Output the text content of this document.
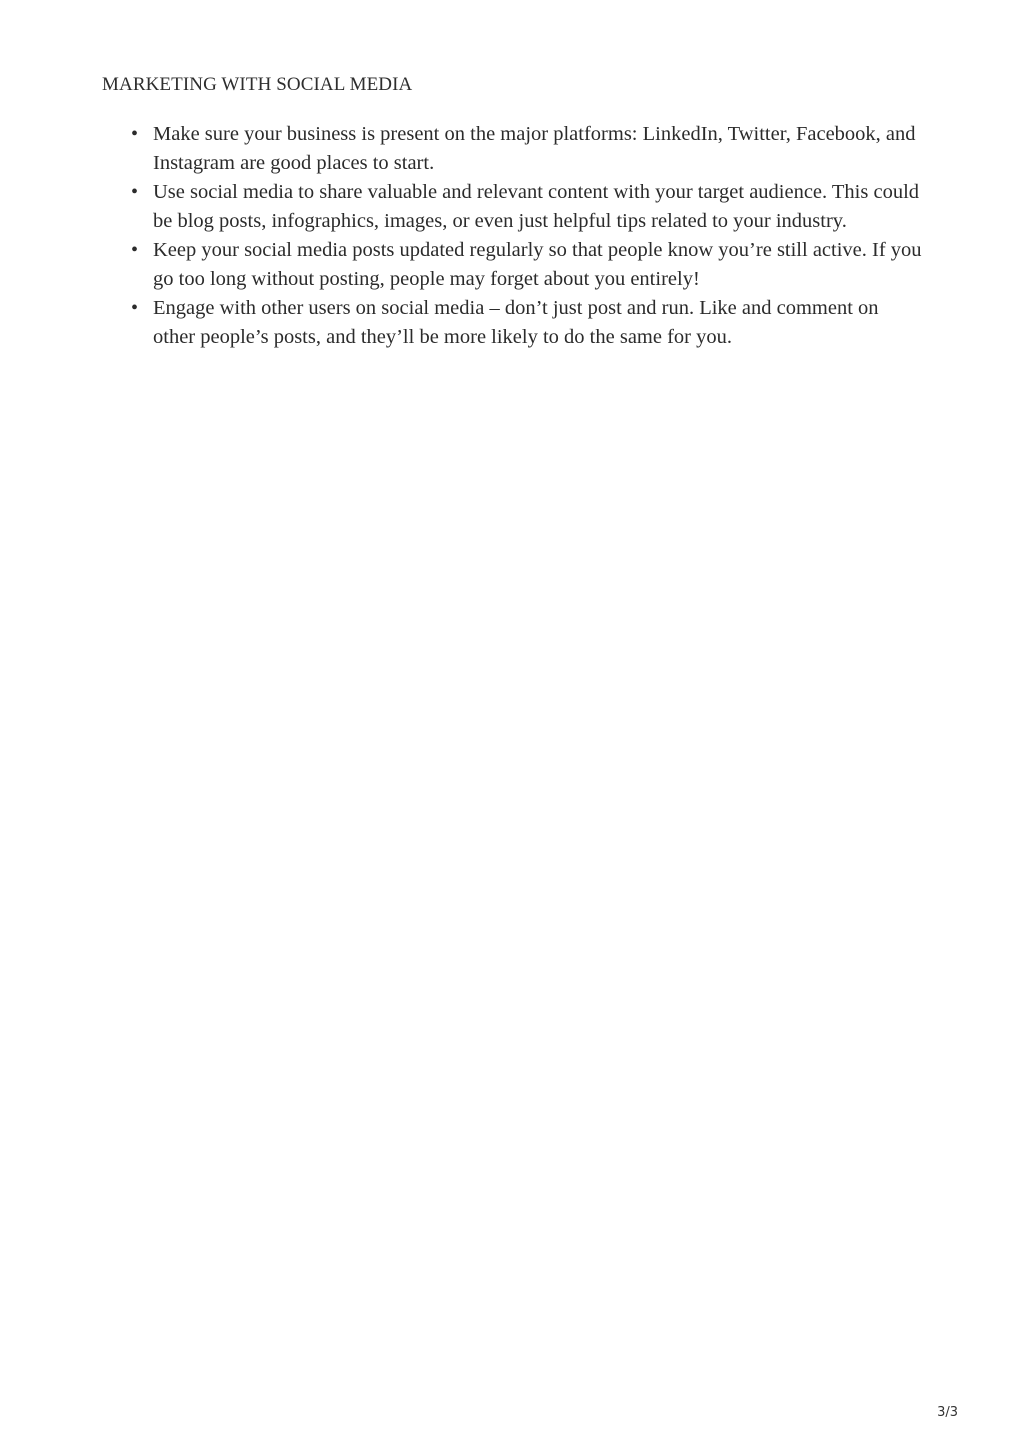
MARKETING WITH SOCIAL MEDIA
• Make sure your business is present on the major platforms: LinkedIn, Twitter, Facebook, and Instagram are good places to start.
• Use social media to share valuable and relevant content with your target audience. This could be blog posts, infographics, images, or even just helpful tips related to your industry.
• Keep your social media posts updated regularly so that people know you’re still active. If you go too long without posting, people may forget about you entirely!
• Engage with other users on social media – don’t just post and run. Like and comment on other people’s posts, and they’ll be more likely to do the same for you.
3/3
